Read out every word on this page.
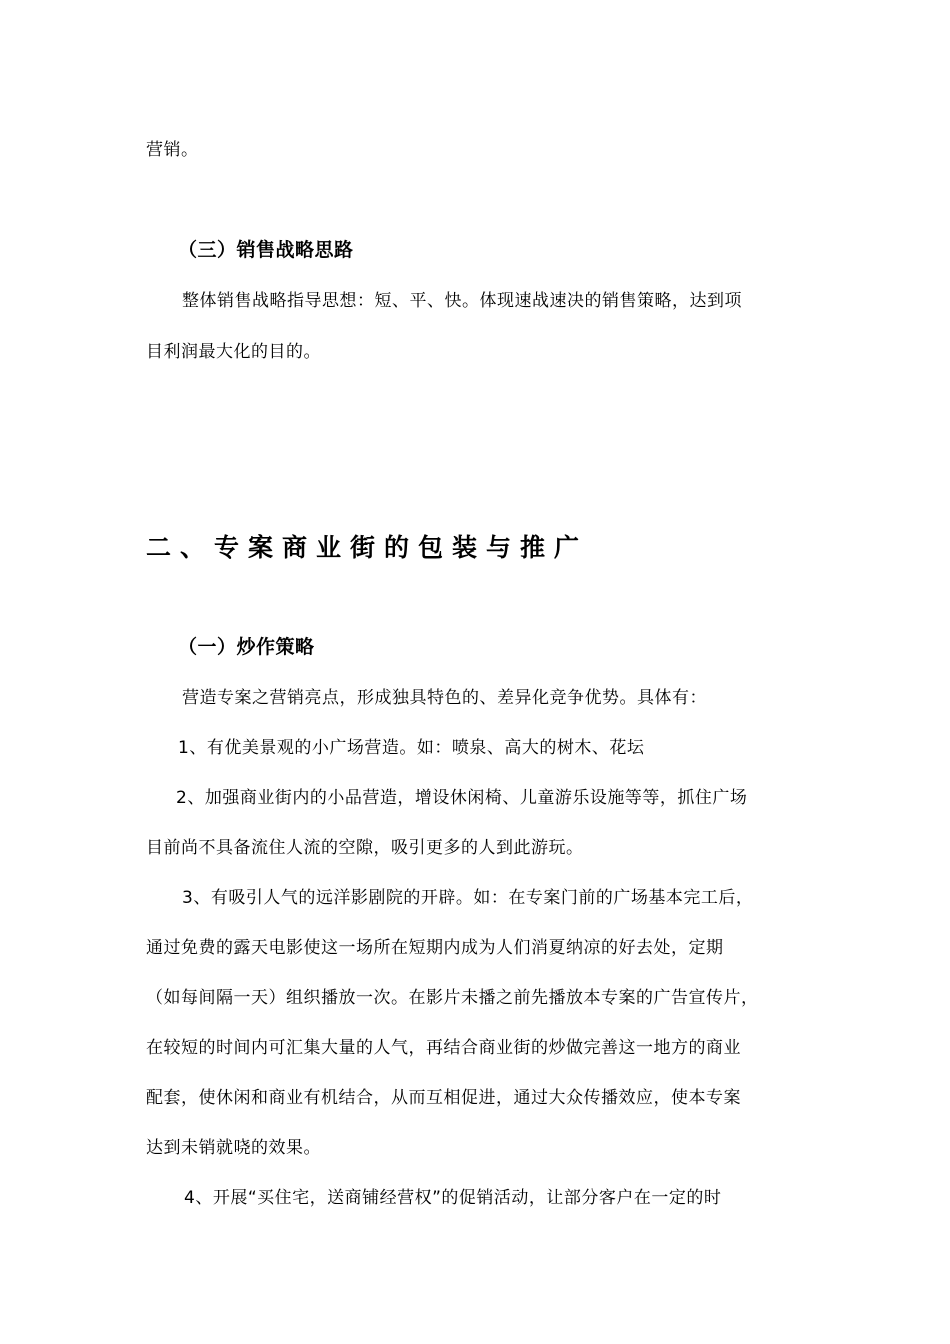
营销。
（三）销售战略思路
整体销售战略指导思想：短、平、快。体现速战速决的销售策略，达到项
目利润最大化的目的。
二、专案商业街的包装与推广
（一）炒作策略
营造专案之营销亮点，形成独具特色的、差异化竞争优势。具体有：
1、有优美景观的小广场营造。如：喷泉、高大的树木、花坛
2、加强商业街内的小品营造，增设休闲椅、儿童游乐设施等等，抓住广场
目前尚不具备流住人流的空隙，吸引更多的人到此游玩。
3、有吸引人气的远洋影剧院的开辟。如：在专案门前的广场基本完工后，
通过免费的露天电影使这一场所在短期内成为人们消夏纳凉的好去处，定期
（如每间隔一天）组织播放一次。在影片未播之前先播放本专案的广告宣传片，
在较短的时间内可汇集大量的人气，再结合商业街的炒做完善这一地方的商业
配套，使休闲和商业有机结合，从而互相促进，通过大众传播效应，使本专案
达到未销就哓的效果。
4、开展“买住宅，送商铺经营权”的促销活动，让部分客户在一定的时
